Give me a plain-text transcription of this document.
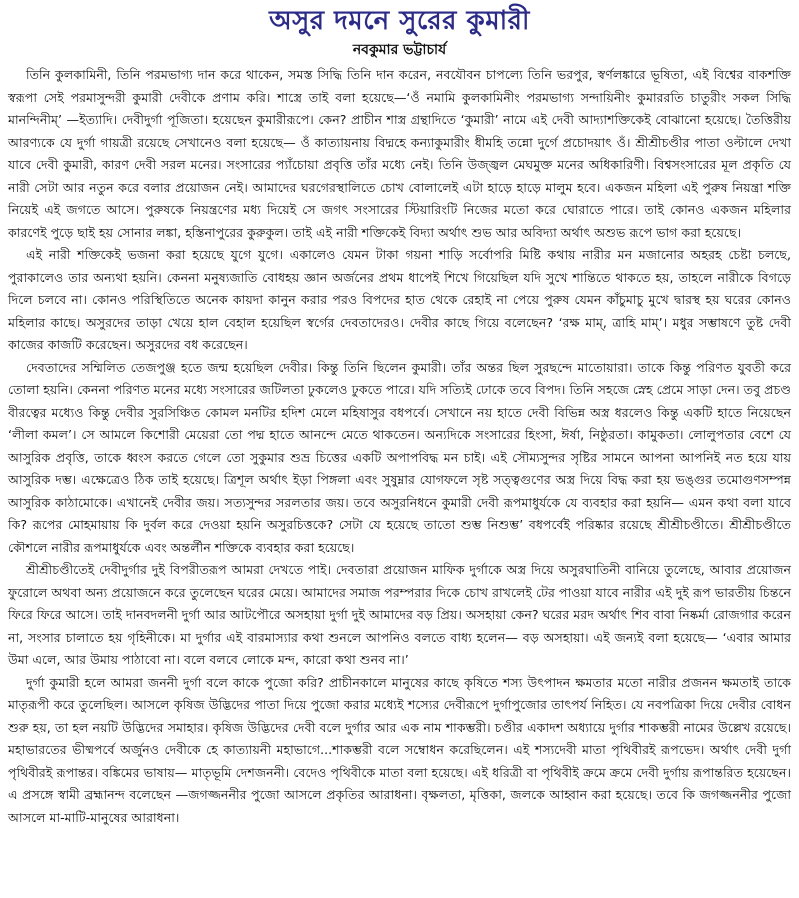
অসুর দমনে সুরের কুমারী
নবকুমার ভট্টাচার্য

তিনি কুলকামিনী, তিনি পরমভাগ্য দান করে থাকেন, সমস্ত সিদ্ধি তিনি দান করেন, নবযৌবন চাপল্যে তিনি ভরপুর, স্বর্ণলঙ্কারে ভূষিতা, এই বিশ্বের বাকশক্তি স্বরূপা সেই পরমাসুন্দরী কুমারী দেবীকে প্রণাম করি। শাস্ত্রে তাই বলা হয়েছে—‘ওঁ নমামি কুলকামিনীং পরমভাগ্য সন্দায়িনীং কুমাররতি চাতুরীং সকল সিদ্ধি মানন্দিনীম্’ —ইত্যাদি। দেবীদুর্গা পূজিতা। হয়েছেন কুমারীরূপে। কেন? প্রাচীন শাস্ত্র গ্রন্থাদিতে ‘কুমারী’ নামে এই দেবী আদ্যাশক্তিকেই বোঝানো হয়েছে। তৈত্তিরীয় আরণ্যকে যে দুর্গা গায়ত্রী রয়েছে সেখানেও বলা হয়েছে— ওঁ কাত্যায়নায় বিদ্মহে কন্যাকুমারীং ধীমহি তন্নো দুর্গে প্রচোদয়াৎ ওঁ। শ্রীশ্রীচণ্ডীর পাতা ওল্টালে দেখা যাবে দেবী কুমারী, কারণ দেবী সরল মনের। সংসারের প্যাঁচোয়া প্রবৃত্তি তাঁর মধ্যে নেই। তিনি উজ্জ্বল মেঘমুক্ত মনের অধিকারিণী। বিশ্বসংসারের মূল প্রকৃতি যে নারী সেটা আর নতুন করে বলার প্রয়োজন নেই। আমাদের ঘরগেরস্থালিতে চোখ বোলালেই এটা হাড়ে হাড়ে মালুম হবে। একজন মহিলা এই পুরুষ নিয়ন্ত্রা শক্তি নিয়েই এই জগতে আসে। পুরুষকে নিয়ন্ত্রণের মধ্য দিয়েই সে জগৎ সংসারের স্টিয়ারিংটি নিজের মতো করে ঘোরাতে পারে। তাই কোনও একজন মহিলার কারণেই পুড়ে ছাই হয় সোনার লঙ্কা, হস্তিনাপুরের কুরুকুল। তাই এই নারী শক্তিকেই বিদ্যা অর্থাৎ শুভ আর অবিদ্যা অর্থাৎ অশুভ রূপে ভাগ করা হয়েছে।

এই নারী শক্তিকেই ভজনা করা হয়েছে যুগে যুগে। একালেও যেমন টাকা গয়না শাড়ি সর্বোপরি মিষ্টি কথায় নারীর মন মজানোর অহরহ চেষ্টা চলছে, পুরাকালেও তার অন্যথা হয়নি। কেননা মনুষ্যজাতি বোধহয় জ্ঞান অর্জনের প্রথম ধাপেই শিখে গিয়েছিল যদি সুখে শান্তিতে থাকতে হয়, তাহলে নারীকে বিগড়ে দিলে চলবে না। কোনও পরিস্থিতিতে অনেক কায়দা কানুন করার পরও বিপদের হাত থেকে রেহাই না পেয়ে পুরুষ যেমন কাঁচুমাচু মুখে দ্বারস্থ হয় ঘরের কোনও মহিলার কাছে। অসুরদের তাড়া খেয়ে হাল বেহাল হয়েছিল স্বর্গের দেবতাদেরও। দেবীর কাছে গিয়ে বলেছেন? ‘রক্ষ মাম্, ত্রাহি মাম্’। মধুর সম্ভাষণে তুষ্ট দেবী কাজের কাজটি করেছেন। অসুরদের বধ করেছেন।

দেবতাদের সম্মিলিত তেজপুঞ্জ হতে জন্ম হয়েছিল দেবীর। কিন্তু তিনি ছিলেন কুমারী। তাঁর অন্তর ছিল সুরছন্দে মাতোয়ারা। তাকে কিন্তু পরিণত যুবতী করে তোলা হয়নি। কেননা পরিণত মনের মধ্যে সংসারের জটিলতা ঢুকলেও ঢুকতে পারে। যদি সত্যিই ঢোকে তবে বিপদ। তিনি সহজে স্নেহ প্রেমে সাড়া দেন। তবু প্রচণ্ড বীরত্বের মধ্যেও কিন্তু দেবীর সুরসিঞ্চিত কোমল মনটির হদিশ মেলে মহিষাসুর বধপর্বে। সেখানে নয় হাতে দেবী বিভিন্ন অস্ত্র ধরলেও কিন্তু একটি হাতে নিয়েছেন ‘লীলা কমল’। সে আমলে কিশোরী মেয়েরা তো পদ্ম হাতে আনন্দে মেতে থাকতেন। অন্যদিকে সংসারের হিংসা, ঈর্ষা, নিষ্ঠুরতা। কামুকতা। লোলুপতার বেশে যে আসুরিক প্রবৃত্তি, তাকে ধ্বংস করতে গেলে তো সুকুমার শুভ্র চিত্তের একটি অপাপবিদ্ধ মন চাই। এই সৌম্যসুন্দর সৃষ্টির সামনে আপনা আপনিই নত হয়ে যায় আসুরিক দম্ভ। এক্ষেত্রেও ঠিক তাই হয়েছে। ত্রিশূল অর্থাৎ ইড়া পিঙ্গলা এবং সুষুম্নার যোগফলে সৃষ্ট সত্ত্বগুণের অস্ত্র দিয়ে বিদ্ধ করা হয় ভঙ্গুর তমোগুণসম্পন্ন আসুরিক কাঠামোকে। এখানেই দেবীর জয়। সত্যসুন্দর সরলতার জয়। তবে অসুরনিধনে কুমারী দেবী রূপমাধুর্যকে যে ব্যবহার করা হয়নি— এমন কথা বলা যাবে কি? রূপের মোহমায়ায় কি দুর্বল করে দেওয়া হয়নি অসুরচিত্তকে? সেটা যে হয়েছে তাতো শুম্ভ নিশুম্ভ’ বধপর্বেই পরিষ্কার রয়েছে শ্রীশ্রীচণ্ডীতে। শ্রীশ্রীচণ্ডীতে কৌশলে নারীর রূপমাধুর্যকে এবং অন্তর্লীন শক্তিকে ব্যবহার করা হয়েছে।

শ্রীশ্রীচণ্ডীতেই দেবীদুর্গার দুই বিপরীতরূপ আমরা দেখতে পাই। দেবতারা প্রয়োজন মাফিক দুর্গাকে অস্ত্র দিয়ে অসুরঘাতিনী বানিয়ে তুলেছে, আবার প্রয়োজন ফুরোলে অথবা অন্য প্রয়োজনে করে তুলেছেন ঘরের মেয়ে। আমাদের সমাজ পরম্পরার দিকে চোখ রাখলেই টের পাওয়া যাবে নারীর এই দুই রূপ ভারতীয় চিন্তনে ফিরে ফিরে আসে। তাই দানবদলনী দুর্গা আর আটপৌরে অসহায়া দুর্গা দুই আমাদের বড় প্রিয়। অসহায়া কেন? ঘরের মরদ অর্থাৎ শিব বাবা নিষ্কর্মা রোজগার করেন না, সংসার চালাতে হয় গৃহিনীকে। মা দুর্গার এই বারমাস্যার কথা শুনলে আপনিও বলতে বাধ্য হলেন— বড় অসহায়া। এই জন্যই বলা হয়েছে— ‘এবার আমার উমা এলে, আর উমায় পাঠাবো না। বলে বলবে লোকে মন্দ, কারো কথা শুনব না।’

দুর্গা কুমারী হলে আমরা জননী দুর্গা বলে কাকে পুজো করি? প্রাচীনকালে মানুষের কাছে কৃষিতে শস্য উৎপাদন ক্ষমতার মতো নারীর প্রজনন ক্ষমতাই তাকে মাতৃরূপী করে তুলেছিল। আসলে কৃষিজ উদ্ভিদের পাতা দিয়ে পুজো করার মধ্যেই শস্যের দেবীরূপে দুর্গাপুজোর তাৎপর্য নিহিত। যে নবপত্রিকা দিয়ে দেবীর বোধন শুরু হয়, তা হল নয়টি উদ্ভিদের সমাহার। কৃষিজ উদ্ভিদের দেবী বলে দুর্গার আর এক নাম শাকম্ভরী। চণ্ডীর একাদশ অধ্যায়ে দুর্গার শাকম্ভরী নামের উল্লেখ রয়েছে। মহাভারতের ভীষ্মপর্বে অর্জুনও দেবীকে হে কাত্যায়নী মহাভাগে...শাকম্ভরী বলে সম্বোধন করেছিলেন। এই শস্যদেবী মাতা পৃথিবীরই রূপভেদ। অর্থাৎ দেবী দুর্গা পৃথিবীরই রূপান্তর। বঙ্কিমের ভাষায়— মাতৃভূমি দেশজননী। বেদেও পৃথিবীকে মাতা বলা হয়েছে। এই ধরিত্রী বা পৃথিবীই ক্রমে ক্রমে দেবী দুর্গায় রূপান্তরিত হয়েছেন। এ প্রসঙ্গে স্বামী ব্রহ্মানন্দ বলেছেন —জগজ্জননীর পুজো আসলে প্রকৃতির আরাধনা। বৃক্ষলতা, মৃত্তিকা, জলকে আহ্বান করা হয়েছে। তবে কি জগজ্জননীর পুজো আসলে মা-মাটি-মানুষের আরাধনা।
